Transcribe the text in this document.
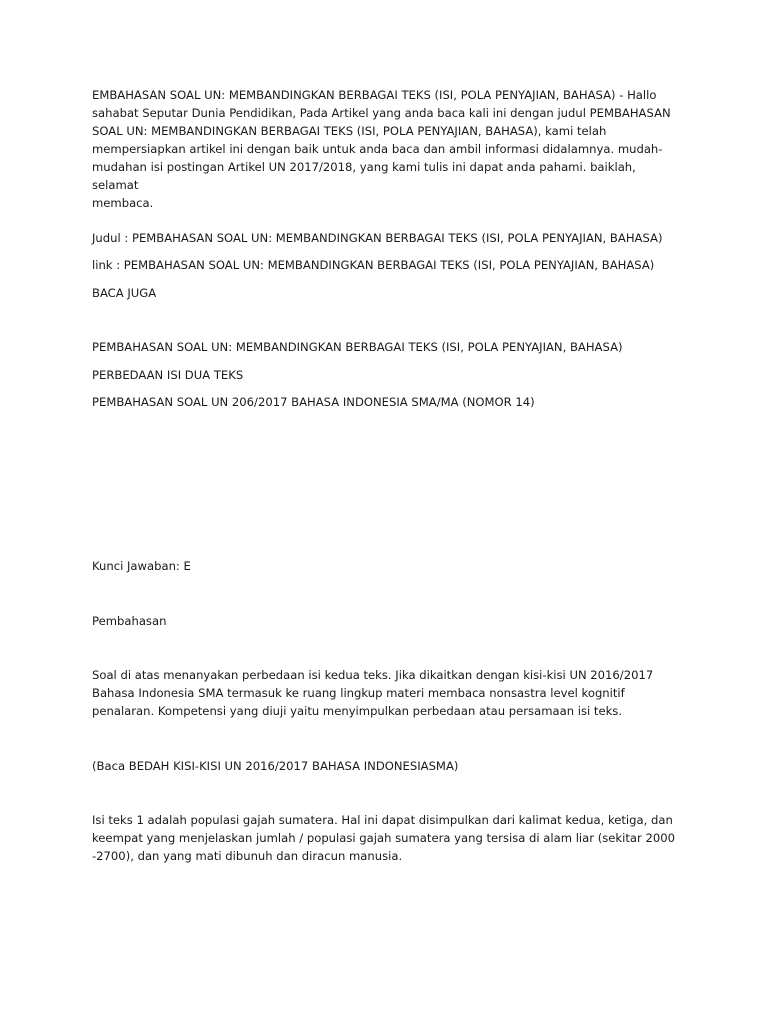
EMBAHASAN SOAL UN: MEMBANDINGKAN BERBAGAI TEKS (ISI, POLA PENYAJIAN, BAHASA) - Hallo
sahabat Seputar Dunia Pendidikan, Pada Artikel yang anda baca kali ini dengan judul PEMBAHASAN
SOAL UN: MEMBANDINGKAN BERBAGAI TEKS (ISI, POLA PENYAJIAN, BAHASA), kami telah
mempersiapkan artikel ini dengan baik untuk anda baca dan ambil informasi didalamnya. mudah-
mudahan isi postingan Artikel UN 2017/2018, yang kami tulis ini dapat anda pahami. baiklah, selamat
membaca.

Judul : PEMBAHASAN SOAL UN: MEMBANDINGKAN BERBAGAI TEKS (ISI, POLA PENYAJIAN, BAHASA)

link : PEMBAHASAN SOAL UN: MEMBANDINGKAN BERBAGAI TEKS (ISI, POLA PENYAJIAN, BAHASA)

BACA JUGA

PEMBAHASAN SOAL UN: MEMBANDINGKAN BERBAGAI TEKS (ISI, POLA PENYAJIAN, BAHASA)

PERBEDAAN ISI DUA TEKS

PEMBAHASAN SOAL UN 206/2017 BAHASA INDONESIA SMA/MA (NOMOR 14)

Kunci Jawaban: E

Pembahasan

Soal di atas menanyakan perbedaan isi kedua teks. Jika dikaitkan dengan kisi-kisi UN 2016/2017
Bahasa Indonesia SMA termasuk ke ruang lingkup materi membaca nonsastra level kognitif
penalaran. Kompetensi yang diuji yaitu menyimpulkan perbedaan atau persamaan isi teks.

(Baca BEDAH KISI-KISI UN 2016/2017 BAHASA INDONESIASMA)

Isi teks 1 adalah populasi gajah sumatera. Hal ini dapat disimpulkan dari kalimat kedua, ketiga, dan
keempat yang menjelaskan jumlah / populasi gajah sumatera yang tersisa di alam liar (sekitar 2000
-2700), dan yang mati dibunuh dan diracun manusia.
